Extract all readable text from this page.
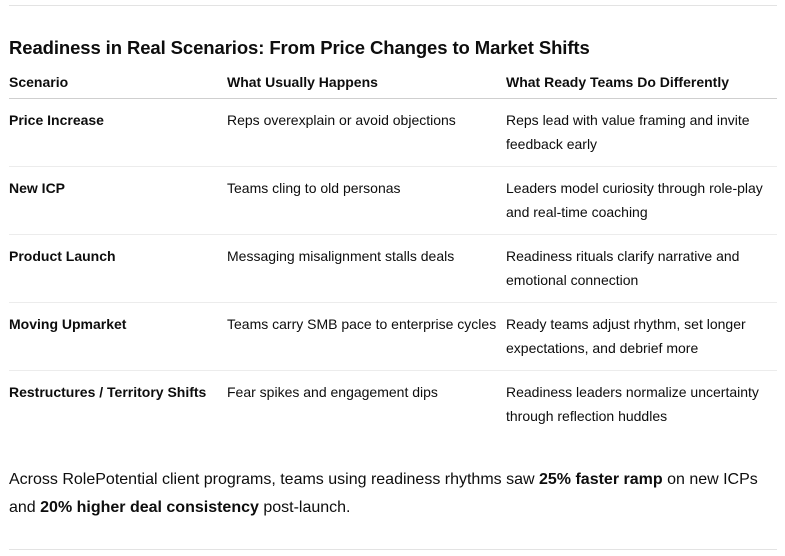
Readiness in Real Scenarios: From Price Changes to Market Shifts
Scenario	What Usually Happens	What Ready Teams Do Differently
Price Increase	Reps overexplain or avoid objections	Reps lead with value framing and invite feedback early
New ICP	Teams cling to old personas	Leaders model curiosity through role-play and real-time coaching
Product Launch	Messaging misalignment stalls deals	Readiness rituals clarify narrative and emotional connection
Moving Upmarket	Teams carry SMB pace to enterprise cycles	Ready teams adjust rhythm, set longer expectations, and debrief more
Restructures / Territory Shifts	Fear spikes and engagement dips	Readiness leaders normalize uncertainty through reflection huddles

Across RolePotential client programs, teams using readiness rhythms saw 25% faster ramp on new ICPs and 20% higher deal consistency post-launch.
